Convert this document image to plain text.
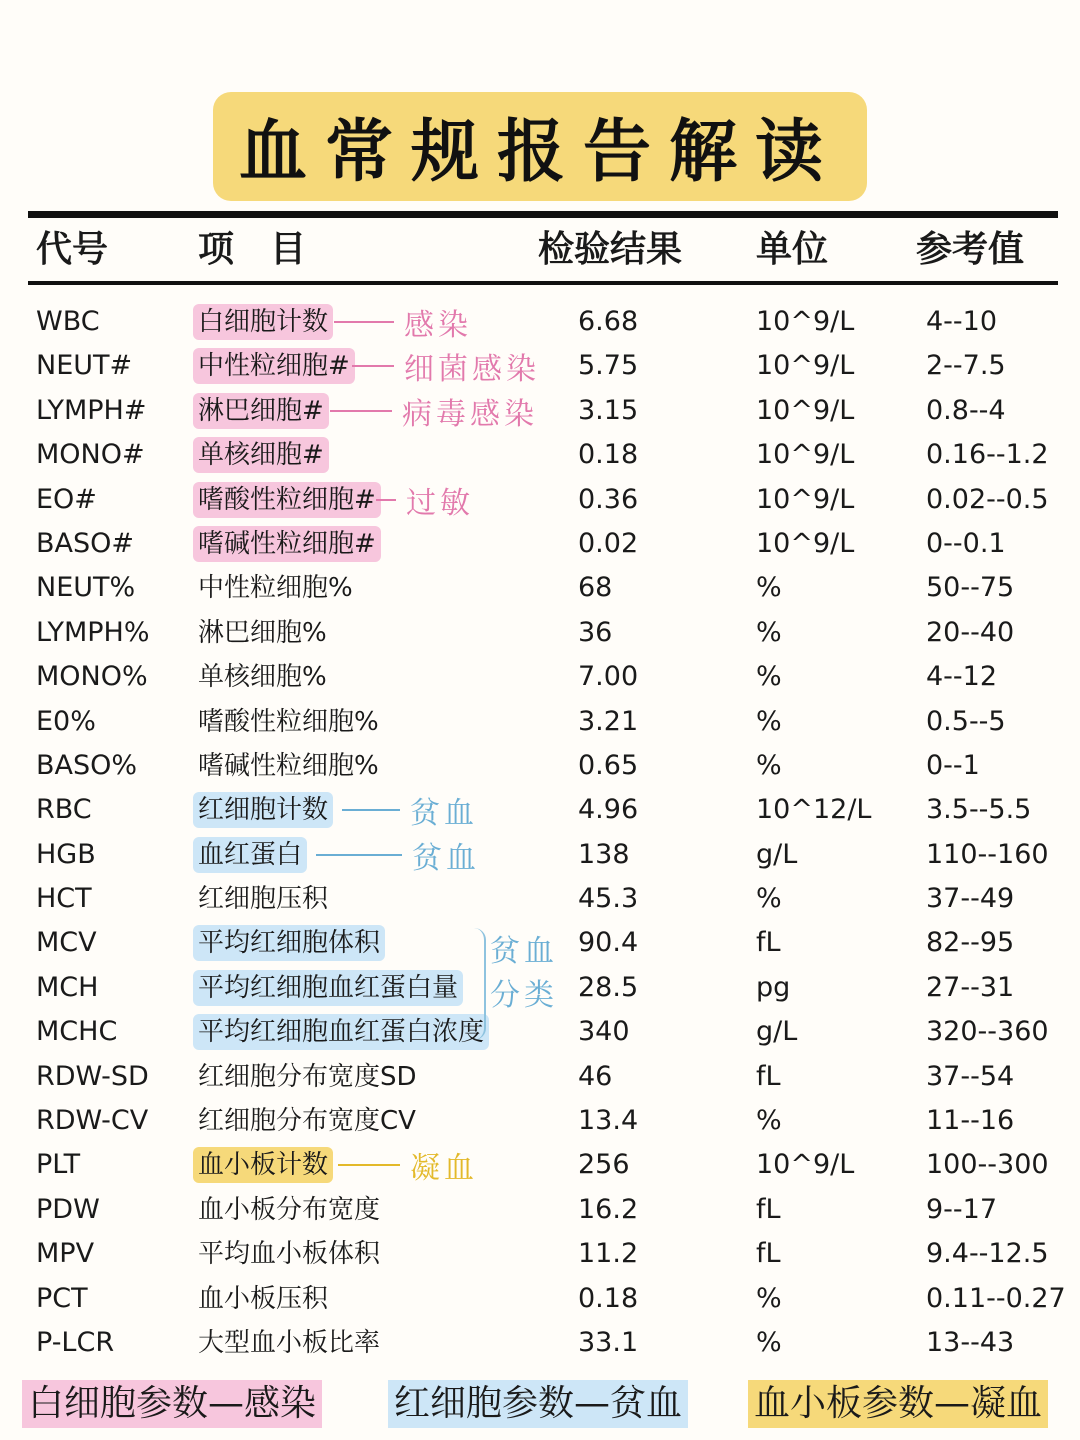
血常规报告解读
代号 项　目	检验结果 单位 参考值
WBC	白细胞计数	6.68	10^9/L	4--10
感染
NEUT#	中性粒细胞#	5.75	10^9/L	2--7.5
细菌感染
LYMPH# 淋巴细胞#	3.15	10^9/L	0.8--4
病毒感染
MONO# 单核细胞#	0.18	10^9/L	0.16--1.2
EO#	嗜酸性粒细胞#	0.36	10^9/L	0.02--0.5
过敏
BASO# 嗜碱性粒细胞#	0.02	10^9/L	0--0.1
NEUT% 中性粒细胞%	68	%	50--75
LYMPH% 淋巴细胞%	36	%	20--40
MONO% 单核细胞%	7.00	%	4--12
E0%	嗜酸性粒细胞%	3.21	%	0.5--5
BASO% 嗜碱性粒细胞%	0.65	%	0--1
RBC	红细胞计数	4.96	10^12/L 3.5--5.5
贫血
HGB	血红蛋白	138	g/L	110--160
贫血
HCT	红细胞压积	45.3	%	37--49
MCV	平均红细胞体积	90.4	fL	82--95
MCH	平均红细胞血红蛋白量	28.5	pg	27--31
MCHC	平均红细胞血红蛋白浓度	340	g/L	320--360
RDW-SD 红细胞分布宽度SD	46	fL	37--54
RDW-CV 红细胞分布宽度CV	13.4	%	11--16
PLT	血小板计数	256	10^9/L	100--300
凝血
PDW	血小板分布宽度	16.2	fL	9--17
MPV	平均血小板体积	11.2	fL	9.4--12.5
PCT	血小板压积	0.18	%	0.11--0.27
P-LCR	大型血小板比率	33.1	%	13--43
贫血
分类
白细胞参数—感染 红细胞参数—贫血 血小板参数—凝血
